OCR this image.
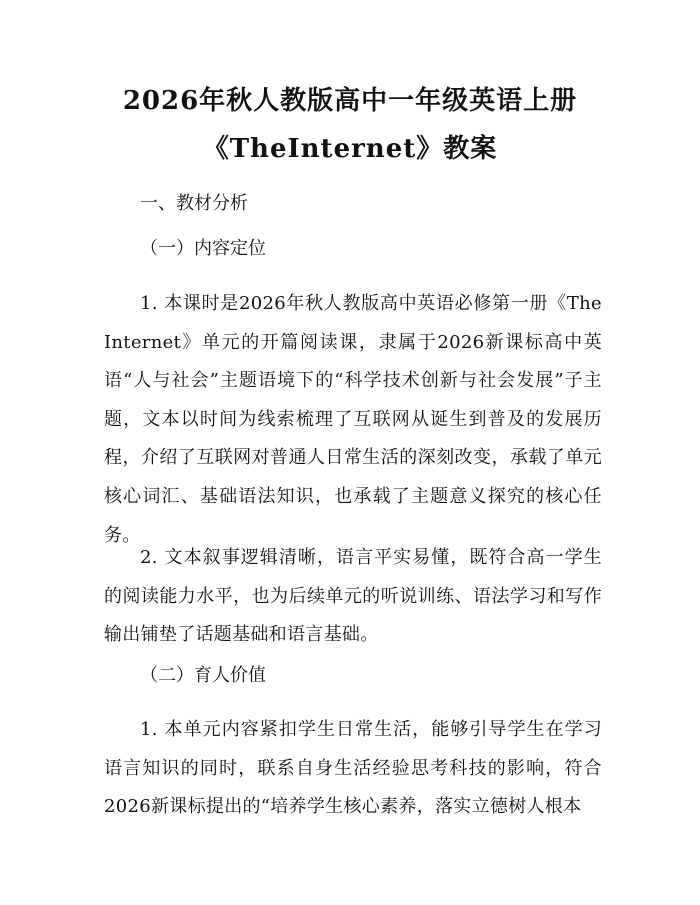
2026年秋人教版高中一年级英语上册
《TheInternet》教案
一、教材分析
（一）内容定位

1. 本课时是2026年秋人教版高中英语必修第一册《The Internet》单元的开篇阅读课，隶属于2026新课标高中英语“人与社会”主题语境下的“科学技术创新与社会发展”子主题，文本以时间为线索梳理了互联网从诞生到普及的发展历程，介绍了互联网对普通人日常生活的深刻改变，承载了单元核心词汇、基础语法知识，也承载了主题意义探究的核心任务。

2. 文本叙事逻辑清晰，语言平实易懂，既符合高一学生的阅读能力水平，也为后续单元的听说训练、语法学习和写作输出铺垫了话题基础和语言基础。

（二）育人价值

1. 本单元内容紧扣学生日常生活，能够引导学生在学习语言知识的同时，联系自身生活经验思考科技的影响，符合2026新课标提出的“培养学生核心素养，落实立德树人根本
